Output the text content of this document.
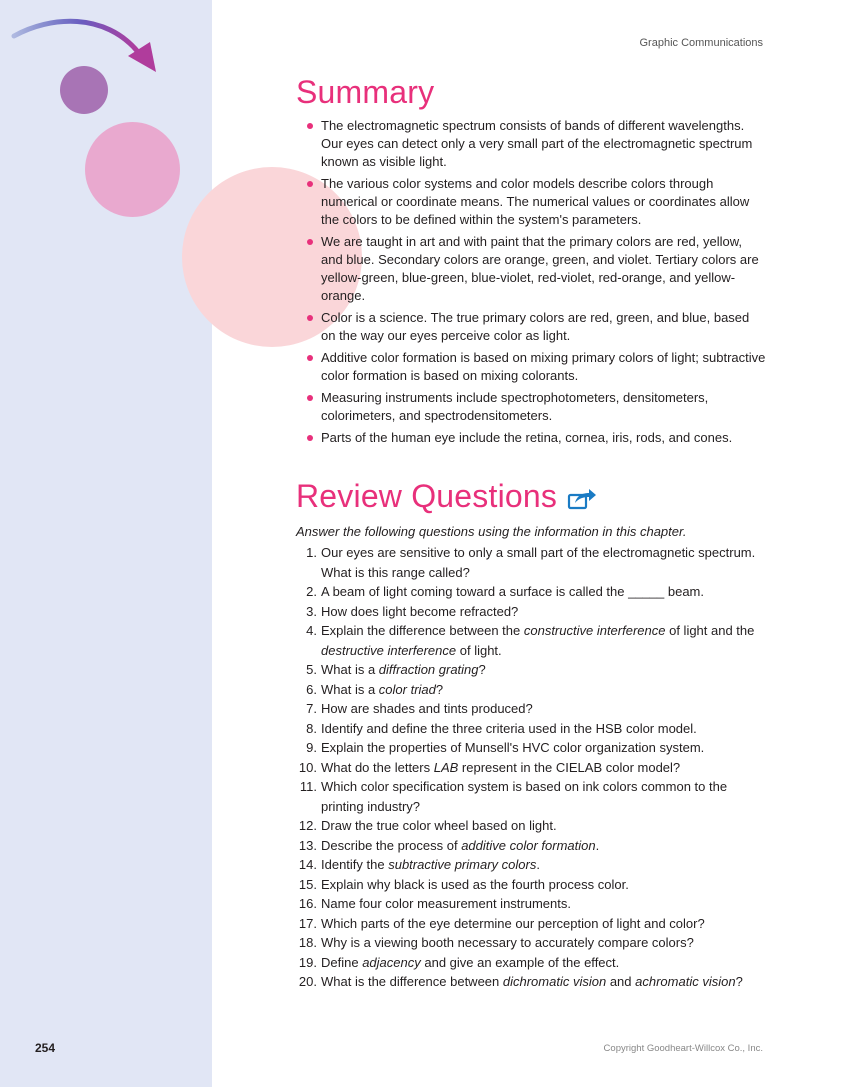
Graphic Communications
Summary
The electromagnetic spectrum consists of bands of different wavelengths. Our eyes can detect only a very small part of the electromagnetic spectrum known as visible light.
The various color systems and color models describe colors through numerical or coordinate means. The numerical values or coordinates allow the colors to be defined within the system's parameters.
We are taught in art and with paint that the primary colors are red, yellow, and blue. Secondary colors are orange, green, and violet. Tertiary colors are yellow-green, blue-green, blue-violet, red-violet, red-orange, and yellow-orange.
Color is a science. The true primary colors are red, green, and blue, based on the way our eyes perceive color as light.
Additive color formation is based on mixing primary colors of light; subtractive color formation is based on mixing colorants.
Measuring instruments include spectrophotometers, densitometers, colorimeters, and spectrodensitometers.
Parts of the human eye include the retina, cornea, iris, rods, and cones.
Review Questions
Answer the following questions using the information in this chapter.
1. Our eyes are sensitive to only a small part of the electromagnetic spectrum. What is this range called?
2. A beam of light coming toward a surface is called the _____ beam.
3. How does light become refracted?
4. Explain the difference between the constructive interference of light and the destructive interference of light.
5. What is a diffraction grating?
6. What is a color triad?
7. How are shades and tints produced?
8. Identify and define the three criteria used in the HSB color model.
9. Explain the properties of Munsell's HVC color organization system.
10. What do the letters LAB represent in the CIELAB color model?
11. Which color specification system is based on ink colors common to the printing industry?
12. Draw the true color wheel based on light.
13. Describe the process of additive color formation.
14. Identify the subtractive primary colors.
15. Explain why black is used as the fourth process color.
16. Name four color measurement instruments.
17. Which parts of the eye determine our perception of light and color?
18. Why is a viewing booth necessary to accurately compare colors?
19. Define adjacency and give an example of the effect.
20. What is the difference between dichromatic vision and achromatic vision?
254	Copyright Goodheart-Willcox Co., Inc.
